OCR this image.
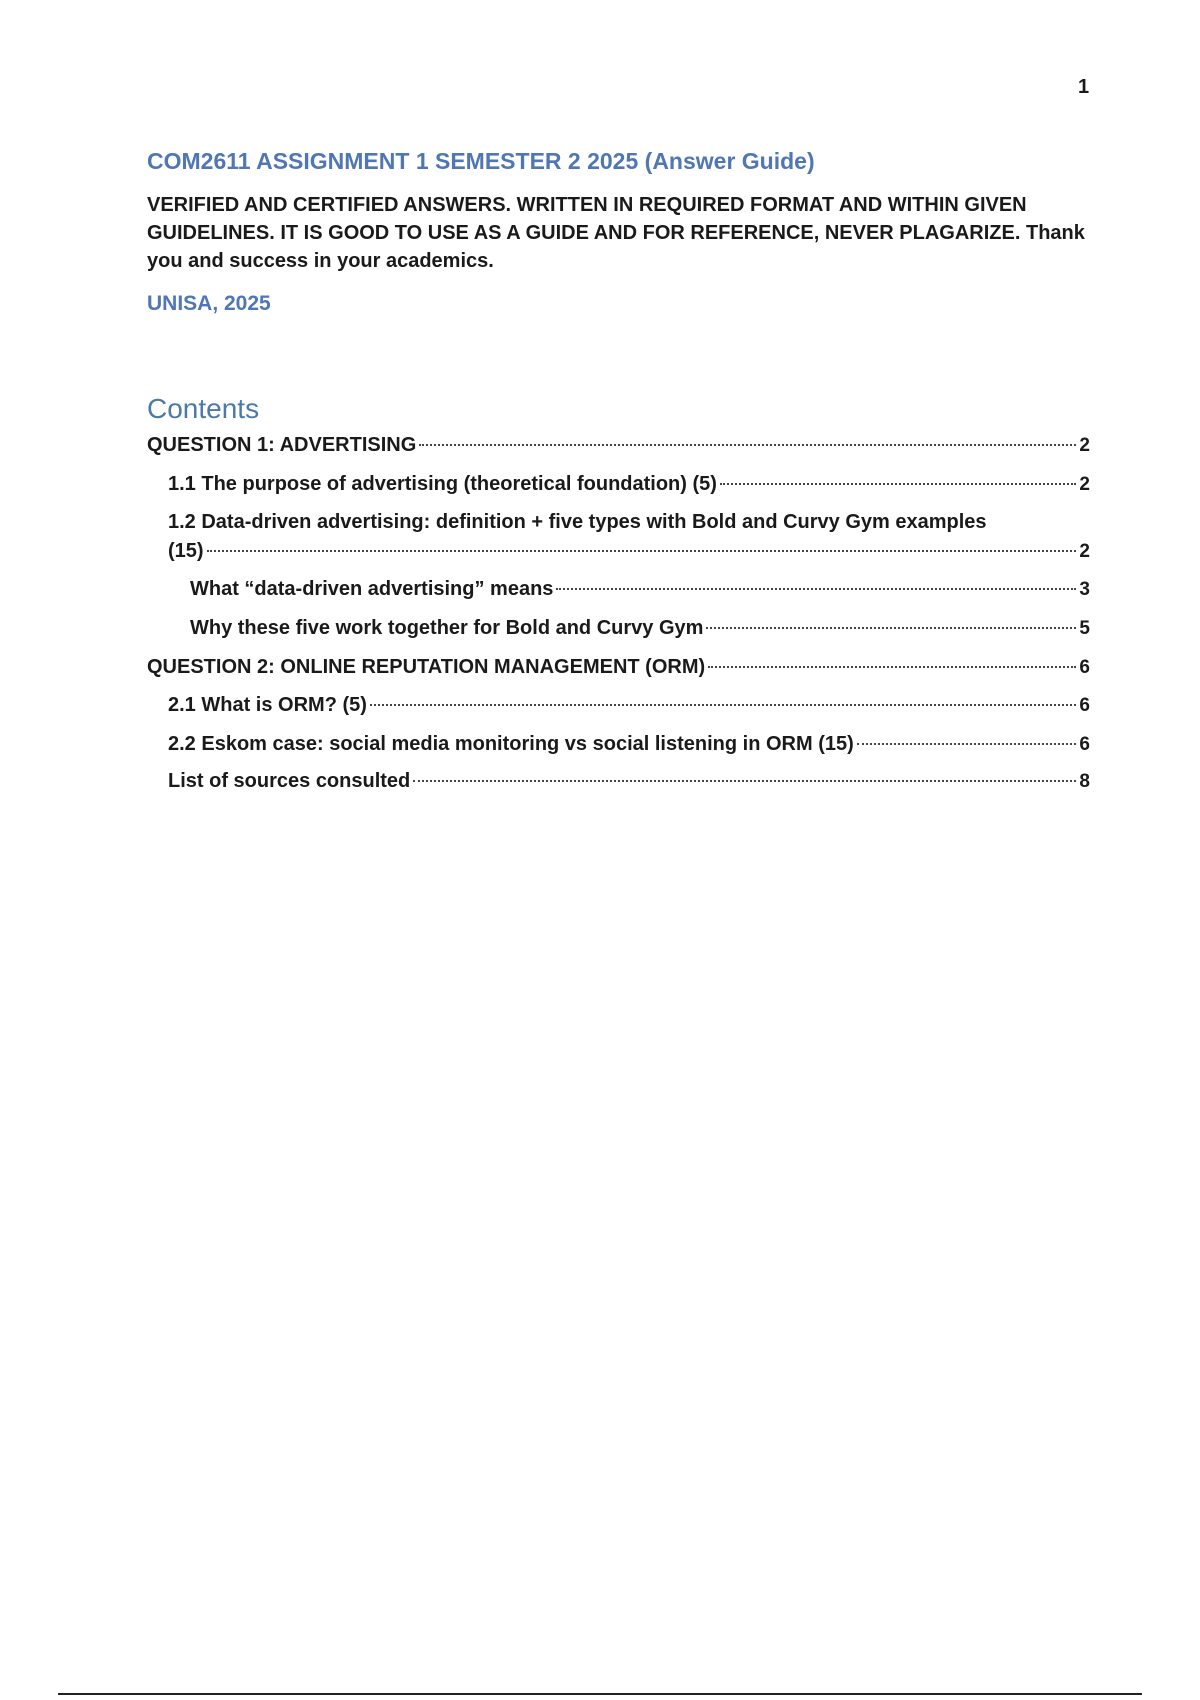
1
COM2611 ASSIGNMENT 1 SEMESTER 2 2025 (Answer Guide)
VERIFIED AND CERTIFIED ANSWERS. WRITTEN IN REQUIRED FORMAT AND WITHIN GIVEN GUIDELINES. IT IS GOOD TO USE AS A GUIDE AND FOR REFERENCE, NEVER PLAGARIZE. Thank you and success in your academics.
UNISA, 2025
Contents
QUESTION 1: ADVERTISING	2
1.1 The purpose of advertising (theoretical foundation) (5)	2
1.2 Data-driven advertising: definition + five types with Bold and Curvy Gym examples
(15)	2
What “data-driven advertising” means	3
Why these five work together for Bold and Curvy Gym	5
QUESTION 2: ONLINE REPUTATION MANAGEMENT (ORM)	6
2.1 What is ORM? (5)	6
2.2 Eskom case: social media monitoring vs social listening in ORM (15)	6
List of sources consulted	8
